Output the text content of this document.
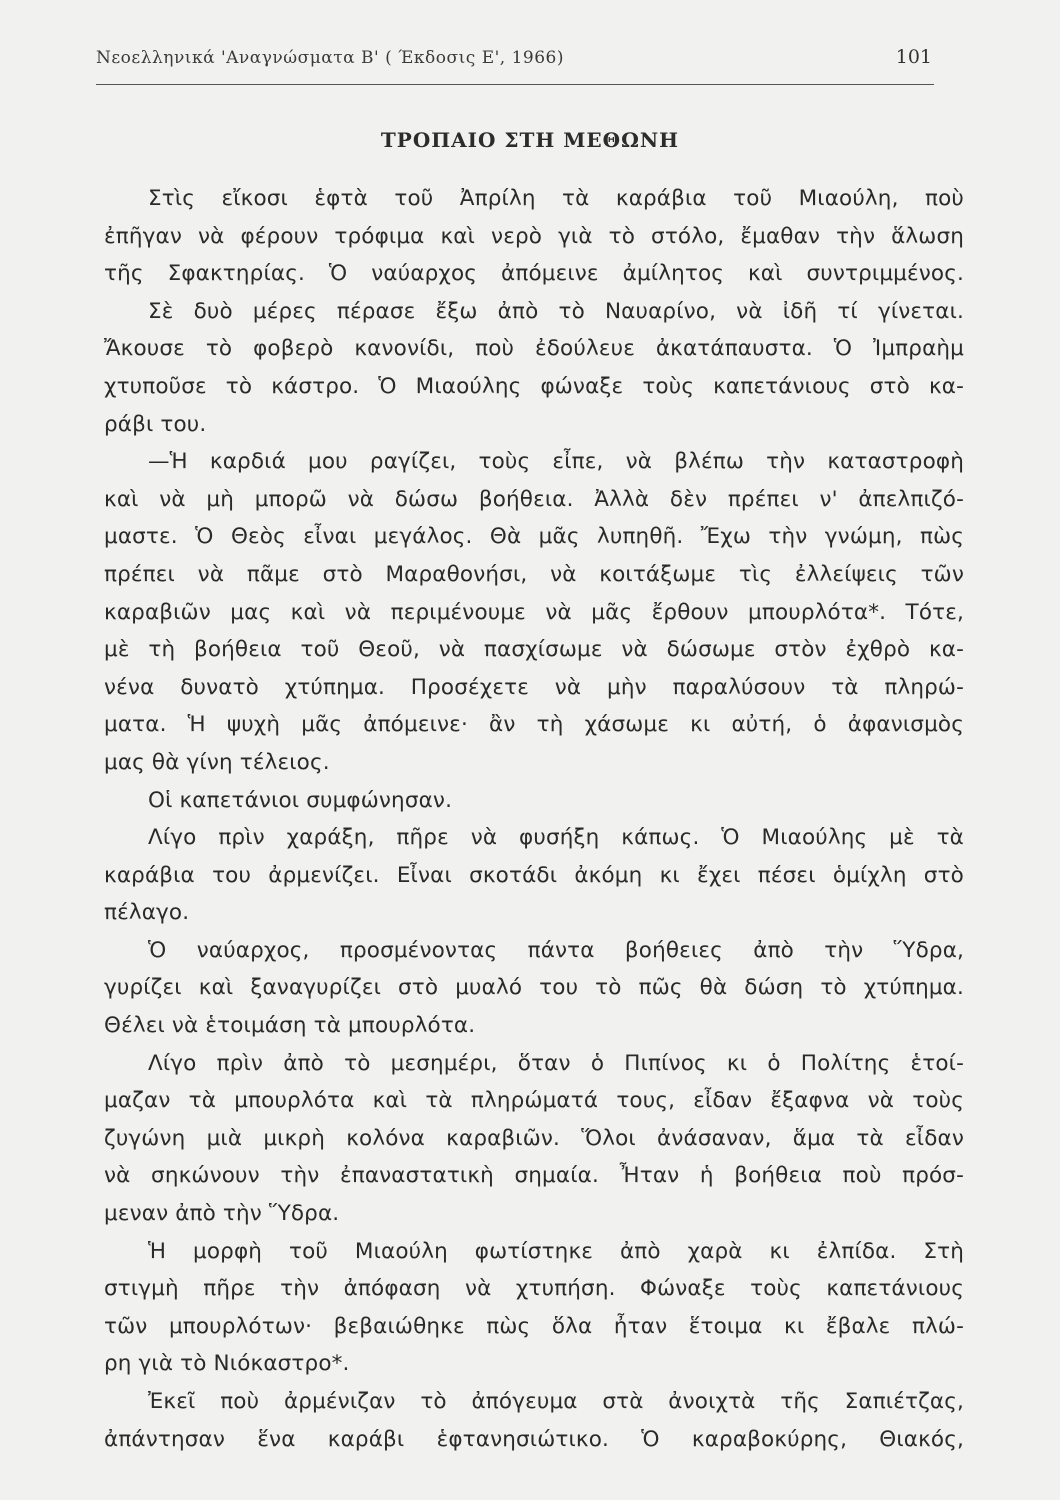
Νεοελληνικά 'Αναγνώσματα Β' ( Έκδοσις Ε', 1966)	101
ΤΡΟΠΑΙΟ ΣΤΗ ΜΕΘΩΝΗ
Στὶς εἴκοσι ἑφτὰ τοῦ Ἀπρίλη τὰ καράβια τοῦ Μιαούλη, ποὺ
ἐπῆγαν νὰ φέρουν τρόφιμα καὶ νερὸ γιὰ τὸ στόλο, ἔμαθαν τὴν ἅλωση
τῆς Σφακτηρίας. Ὁ ναύαρχος ἀπόμεινε ἀμίλητος καὶ συντριμμένος.
Σὲ δυὸ μέρες πέρασε ἔξω ἀπὸ τὸ Ναυαρίνο, νὰ ἰδῆ τί γίνεται.
Ἄκουσε τὸ φοβερὸ κανονίδι, ποὺ ἐδούλευε ἀκατάπαυστα. Ὁ Ἰμπραὴμ
χτυποῦσε τὸ κάστρο. Ὁ Μιαούλης φώναξε τοὺς καπετάνιους στὸ κα-
ράβι του.
—Ἡ καρδιά μου ραγίζει, τοὺς εἶπε, νὰ βλέπω τὴν καταστροφὴ
καὶ νὰ μὴ μπορῶ νὰ δώσω βοήθεια. Ἀλλὰ δὲν πρέπει ν' ἀπελπιζό-
μαστε. Ὁ Θεὸς εἶναι μεγάλος. Θὰ μᾶς λυπηθῆ. Ἔχω τὴν γνώμη, πὼς
πρέπει νὰ πᾶμε στὸ Μαραθονήσι, νὰ κοιτάξωμε τὶς ἐλλείψεις τῶν
καραβιῶν μας καὶ νὰ περιμένουμε νὰ μᾶς ἔρθουν μπουρλότα*. Τότε,
μὲ τὴ βοήθεια τοῦ Θεοῦ, νὰ πασχίσωμε νὰ δώσωμε στὸν ἐχθρὸ κα-
νένα δυνατὸ χτύπημα. Προσέχετε νὰ μὴν παραλύσουν τὰ πληρώ-
ματα. Ἡ ψυχὴ μᾶς ἀπόμεινε· ἂν τὴ χάσωμε κι αὐτή, ὁ ἀφανισμὸς
μας θὰ γίνη τέλειος.
Οἱ καπετάνιοι συμφώνησαν.
Λίγο πρὶν χαράξη, πῆρε νὰ φυσήξη κάπως. Ὁ Μιαούλης μὲ τὰ
καράβια του ἀρμενίζει. Εἶναι σκοτάδι ἀκόμη κι ἔχει πέσει ὁμίχλη στὸ
πέλαγο.
Ὁ ναύαρχος, προσμένοντας πάντα βοήθειες ἀπὸ τὴν Ὕδρα,
γυρίζει καὶ ξαναγυρίζει στὸ μυαλό του τὸ πῶς θὰ δώση τὸ χτύπημα.
Θέλει νὰ ἑτοιμάση τὰ μπουρλότα.
Λίγο πρὶν ἀπὸ τὸ μεσημέρι, ὅταν ὁ Πιπίνος κι ὁ Πολίτης ἑτοί-
μαζαν τὰ μπουρλότα καὶ τὰ πληρώματά τους, εἶδαν ἔξαφνα νὰ τοὺς
ζυγώνη μιὰ μικρὴ κολόνα καραβιῶν. Ὅλοι ἀνάσαναν, ἅμα τὰ εἶδαν
νὰ σηκώνουν τὴν ἐπαναστατικὴ σημαία. Ἦταν ἡ βοήθεια ποὺ πρόσ-
μεναν ἀπὸ τὴν Ὕδρα.
Ἡ μορφὴ τοῦ Μιαούλη φωτίστηκε ἀπὸ χαρὰ κι ἐλπίδα. Στὴ
στιγμὴ πῆρε τὴν ἀπόφαση νὰ χτυπήση. Φώναξε τοὺς καπετάνιους
τῶν μπουρλότων· βεβαιώθηκε πὼς ὅλα ἦταν ἕτοιμα κι ἔβαλε πλώ-
ρη γιὰ τὸ Νιόκαστρο*.
Ἐκεῖ ποὺ ἀρμένιζαν τὸ ἀπόγευμα στὰ ἀνοιχτὰ τῆς Σαπιέτζας,
ἀπάντησαν ἕνα καράβι ἑφτανησιώτικο. Ὁ καραβοκύρης, Θιακός,
